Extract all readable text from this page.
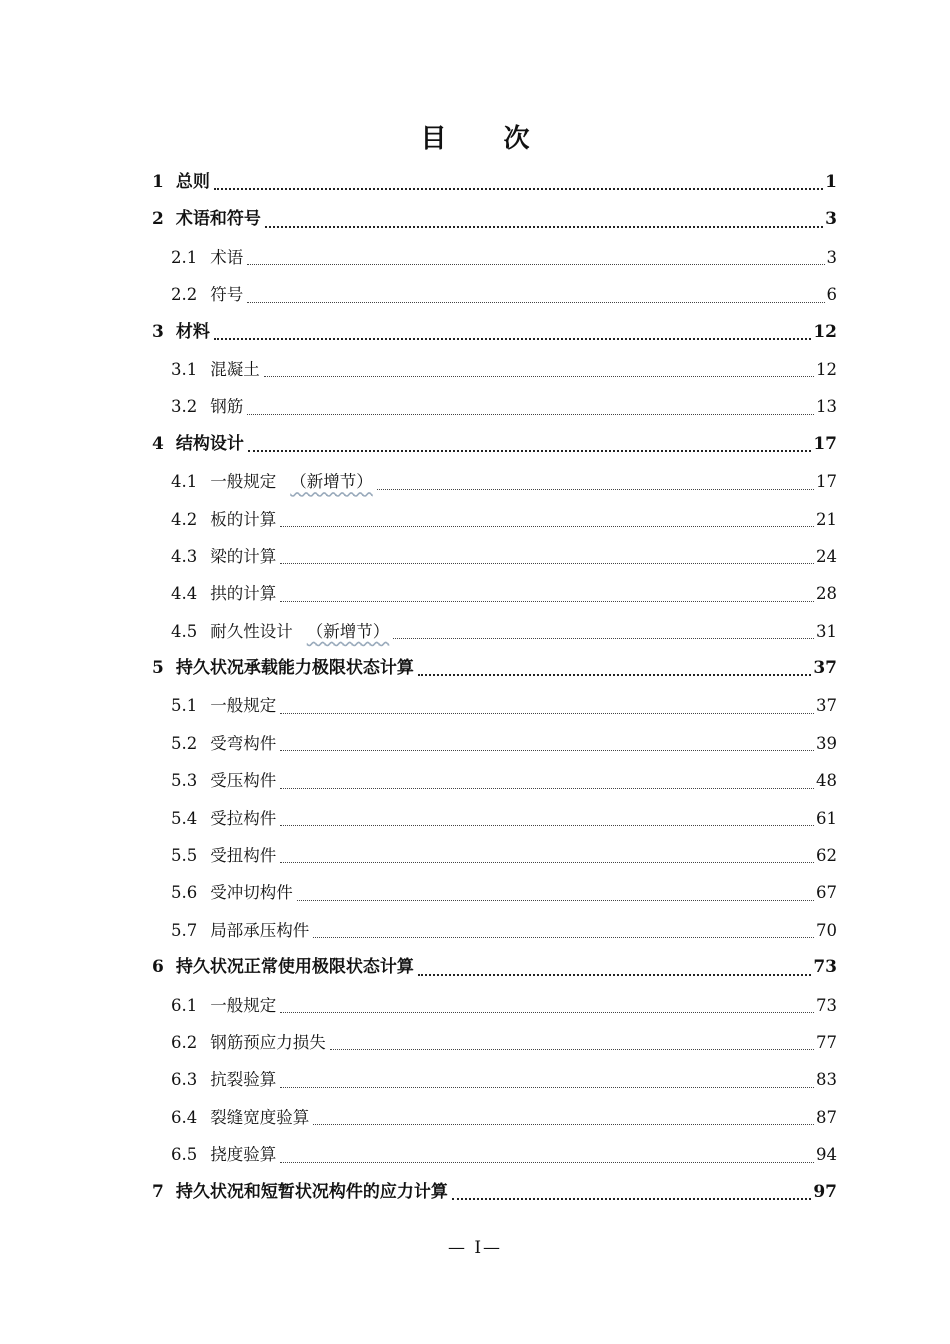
目 次
1 总则	1
2 术语和符号	3
2.1 术语	3
2.2 符号	6
3 材料	12
3.1 混凝土	12
3.2 钢筋	13
4 结构设计	17
4.1 一般规定 （新增节）	17
4.2 板的计算	21
4.3 梁的计算	24
4.4 拱的计算	28
4.5 耐久性设计 （新增节）	31
5 持久状况承载能力极限状态计算	37
5.1 一般规定	37
5.2 受弯构件	39
5.3 受压构件	48
5.4 受拉构件	61
5.5 受扭构件	62
5.6 受冲切构件	67
5.7 局部承压构件	70
6 持久状况正常使用极限状态计算	73
6.1 一般规定	73
6.2 钢筋预应力损失	77
6.3 抗裂验算	83
6.4 裂缝宽度验算	87
6.5 挠度验算	94
7 持久状况和短暂状况构件的应力计算	97
— I—
